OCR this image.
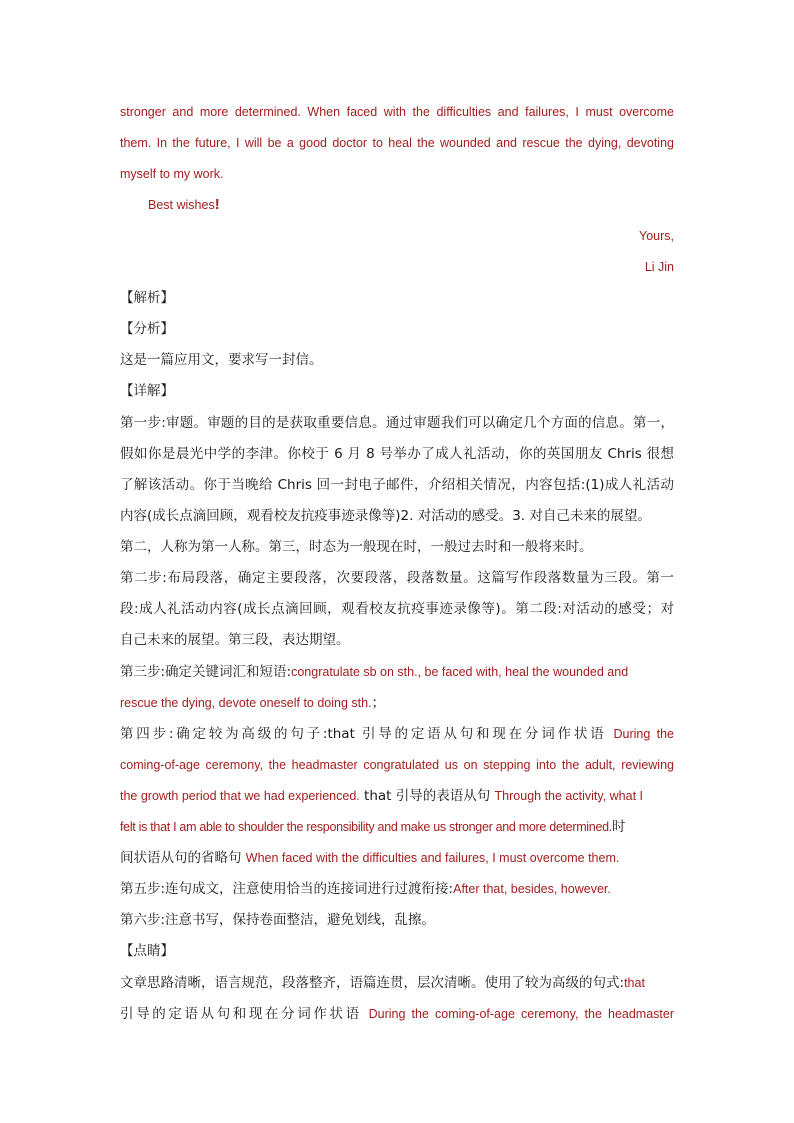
stronger and more determined. When faced with the difficulties and failures, I must overcome
them. In the future, I will be a good doctor to heal the wounded and rescue the dying, devoting
myself to my work.
Best wishes!
Yours,
Li Jin
【解析】
【分析】
这是一篇应用文，要求写一封信。
【详解】
第一步:审题。审题的目的是获取重要信息。通过审题我们可以确定几个方面的信息。第一，
假如你是晨光中学的李津。你校于 6 月 8 号举办了成人礼活动，你的英国朋友 Chris 很想
了解该活动。你于当晚给 Chris 回一封电子邮件，介绍相关情况，内容包括:(1)成人礼活动
内容(成长点滴回顾，观看校友抗疫事迹录像等)2. 对活动的感受。3. 对自己未来的展望。
第二，人称为第一人称。第三，时态为一般现在时，一般过去时和一般将来时。
第二步:布局段落，确定主要段落，次要段落，段落数量。这篇写作段落数量为三段。第一
段:成人礼活动内容(成长点滴回顾，观看校友抗疫事迹录像等)。第二段:对活动的感受；对
自己未来的展望。第三段，表达期望。
第三步:确定关键词汇和短语:congratulate sb on sth., be faced with, heal the wounded and
rescue the dying, devote oneself to doing sth.；
第四步:确定较为高级的句子:that 引导的定语从句和现在分词作状语 During the
coming-of-age ceremony, the headmaster congratulated us on stepping into the adult, reviewing
the growth period that we had experienced. that 引导的表语从句 Through the activity, what I
felt is that I am able to shoulder the responsibility and make us stronger and more determined.时
间状语从句的省略句 When faced with the difficulties and failures, I must overcome them.
第五步:连句成文，注意使用恰当的连接词进行过渡衔接:After that, besides, however.
第六步:注意书写，保持卷面整洁，避免划线，乱擦。
【点睛】
文章思路清晰，语言规范，段落整齐，语篇连贯，层次清晰。使用了较为高级的句式:that
引导的定语从句和现在分词作状语 During the coming-of-age ceremony, the headmaster
